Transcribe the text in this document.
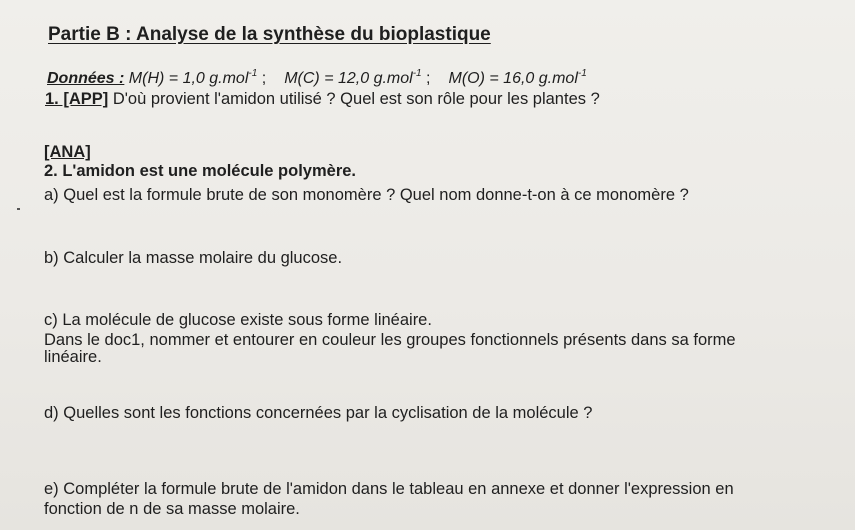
Partie B : Analyse de la synthèse du bioplastique
Données : M(H) = 1,0 g.mol$^{-1}$ ; M(C) = 12,0 g.mol$^{-1}$ ; M(O) = 16,0 g.mol$^{-1}$
1. [APP] D'où provient l'amidon utilisé ? Quel est son rôle pour les plantes ?
[ANA]
2. L'amidon est une molécule polymère.
a) Quel est la formule brute de son monomère ? Quel nom donne-t-on à ce monomère ?
b) Calculer la masse molaire du glucose.
c) La molécule de glucose existe sous forme linéaire.
Dans le doc1, nommer et entourer en couleur les groupes fonctionnels présents dans sa forme
linéaire.
d) Quelles sont les fonctions concernées par la cyclisation de la molécule ?
e) Compléter la formule brute de l'amidon dans le tableau en annexe et donner l'expression en
fonction de n de sa masse molaire.
